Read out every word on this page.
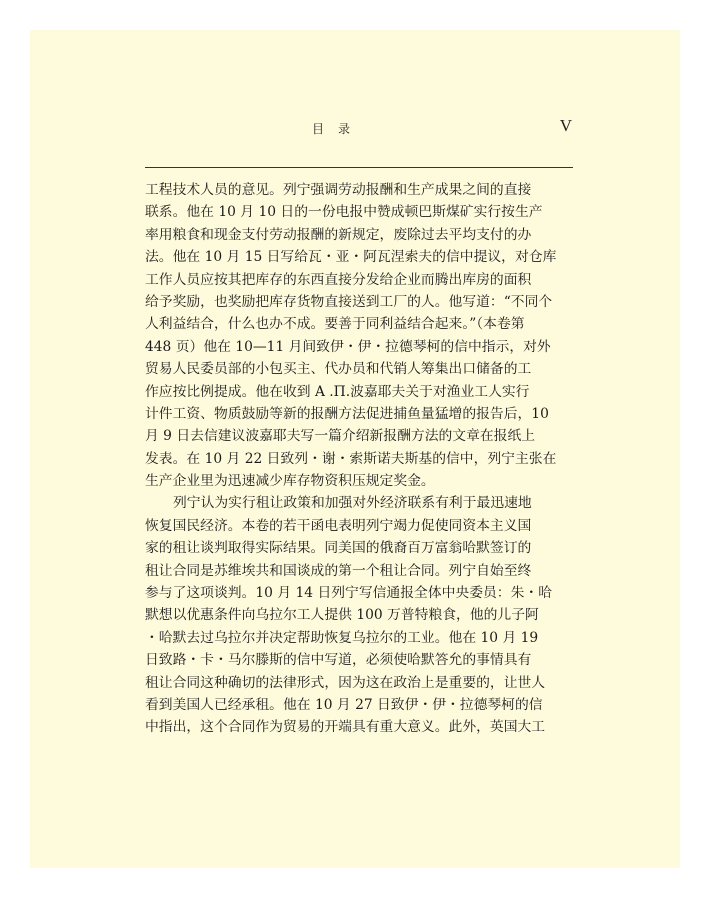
目　录	V
工程技术人员的意见。列宁强调劳动报酬和生产成果之间的直接
联系。他在 10 月 10 日的一份电报中赞成顿巴斯煤矿实行按生产
率用粮食和现金支付劳动报酬的新规定，废除过去平均支付的办
法。他在 10 月 15 日写给瓦・亚・阿瓦涅索夫的信中提议，对仓库
工作人员应按其把库存的东西直接分发给企业而腾出库房的面积
给予奖励，也奖励把库存货物直接送到工厂的人。他写道：“不同个
人利益结合，什么也办不成。要善于同利益结合起来。”（本卷第
448 页）他在 10—11 月间致伊・伊・拉德琴柯的信中指示，对外
贸易人民委员部的小包买主、代办员和代销人筹集出口储备的工
作应按比例提成。他在收到 A .П.波嘉耶夫关于对渔业工人实行
计件工资、物质鼓励等新的报酬方法促进捕鱼量猛增的报告后，10
月 9 日去信建议波嘉耶夫写一篇介绍新报酬方法的文章在报纸上
发表。在 10 月 22 日致列・谢・索斯诺夫斯基的信中，列宁主张在
生产企业里为迅速减少库存物资积压规定奖金。
列宁认为实行租让政策和加强对外经济联系有利于最迅速地
恢复国民经济。本卷的若干函电表明列宁竭力促使同资本主义国
家的租让谈判取得实际结果。同美国的俄裔百万富翁哈默签订的
租让合同是苏维埃共和国谈成的第一个租让合同。列宁自始至终
参与了这项谈判。10 月 14 日列宁写信通报全体中央委员：朱・哈
默想以优惠条件向乌拉尔工人提供 100 万普特粮食，他的儿子阿
・哈默去过乌拉尔并决定帮助恢复乌拉尔的工业。他在 10 月 19
日致路・卡・马尔滕斯的信中写道，必须使哈默答允的事情具有
租让合同这种确切的法律形式，因为这在政治上是重要的，让世人
看到美国人已经承租。他在 10 月 27 日致伊・伊・拉德琴柯的信
中指出，这个合同作为贸易的开端具有重大意义。此外，英国大工
